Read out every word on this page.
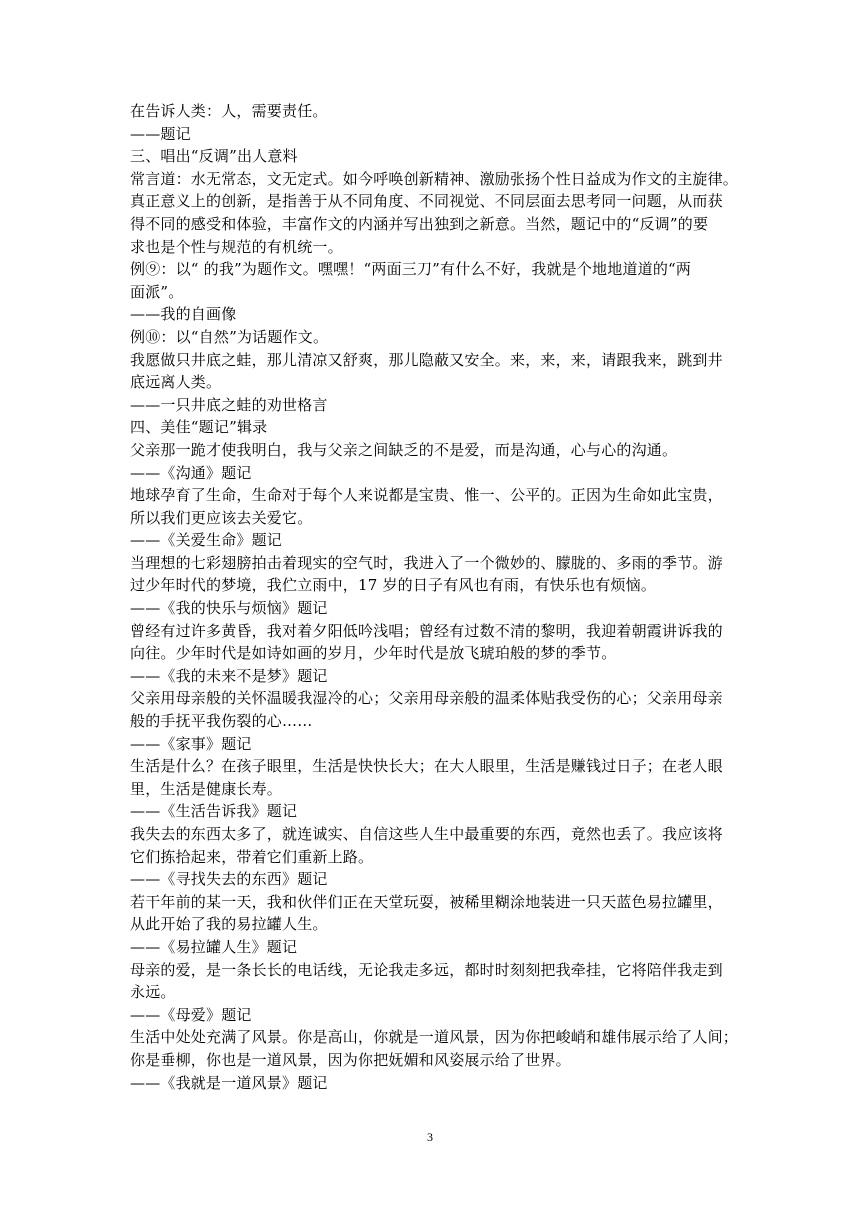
在告诉人类：人，需要责任。
——题记
三、唱出“反调”出人意料
常言道：水无常态，文无定式。如今呼唤创新精神、激励张扬个性日益成为作文的主旋律。
真正意义上的创新，是指善于从不同角度、不同视觉、不同层面去思考同一问题，从而获
得不同的感受和体验，丰富作文的内涵并写出独到之新意。当然，题记中的“反调”的要
求也是个性与规范的有机统一。
例⑨：以“ 的我”为题作文。嘿嘿！“两面三刀”有什么不好，我就是个地地道道的“两
面派”。
——我的自画像
例⑩：以“自然”为话题作文。
我愿做只井底之蛙，那儿清凉又舒爽，那儿隐蔽又安全。来，来，来，请跟我来，跳到井
底远离人类。
——一只井底之蛙的劝世格言
四、美佳“题记”辑录
父亲那一跪才使我明白，我与父亲之间缺乏的不是爱，而是沟通，心与心的沟通。
——《沟通》题记
地球孕育了生命，生命对于每个人来说都是宝贵、惟一、公平的。正因为生命如此宝贵，
所以我们更应该去关爱它。
——《关爱生命》题记
当理想的七彩翅膀拍击着现实的空气时，我进入了一个微妙的、朦胧的、多雨的季节。游
过少年时代的梦境，我伫立雨中，17 岁的日子有风也有雨，有快乐也有烦恼。
——《我的快乐与烦恼》题记
曾经有过许多黄昏，我对着夕阳低吟浅唱；曾经有过数不清的黎明，我迎着朝霞讲诉我的
向往。少年时代是如诗如画的岁月，少年时代是放飞琥珀般的梦的季节。
——《我的未来不是梦》题记
父亲用母亲般的关怀温暖我湿冷的心；父亲用母亲般的温柔体贴我受伤的心；父亲用母亲
般的手抚平我伤裂的心……
——《家事》题记
生活是什么？在孩子眼里，生活是快快长大；在大人眼里，生活是赚钱过日子；在老人眼
里，生活是健康长寿。
——《生活告诉我》题记
我失去的东西太多了，就连诚实、自信这些人生中最重要的东西，竟然也丢了。我应该将
它们拣拾起来，带着它们重新上路。
——《寻找失去的东西》题记
若干年前的某一天，我和伙伴们正在天堂玩耍，被稀里糊涂地装进一只天蓝色易拉罐里，
从此开始了我的易拉罐人生。
——《易拉罐人生》题记
母亲的爱，是一条长长的电话线，无论我走多远，都时时刻刻把我牵挂，它将陪伴我走到
永远。
——《母爱》题记
生活中处处充满了风景。你是高山，你就是一道风景，因为你把峻峭和雄伟展示给了人间；
你是垂柳，你也是一道风景，因为你把妩媚和风姿展示给了世界。
——《我就是一道风景》题记
3
